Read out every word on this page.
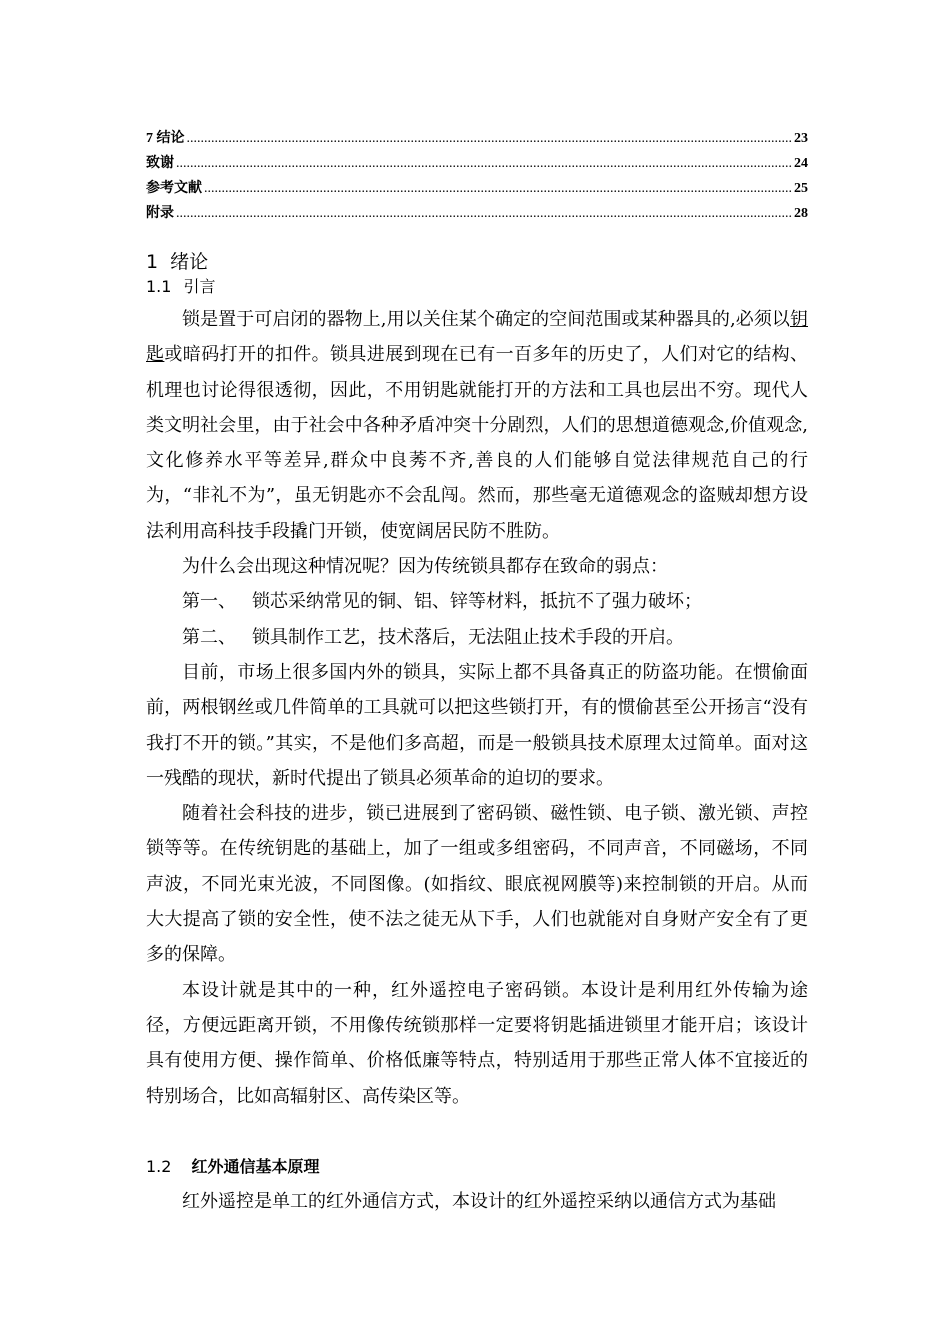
7 结论 .....	23
致谢 .....	24
参考文献 .....	25
附录 .....	28
1 绪论
1.1 引言

锁是置于可启闭的器物上,用以关住某个确定的空间范围或某种器具的,必须以钥匙或暗码打开的扣件。锁具进展到现在已有一百多年的历史了，人们对它的结构、机理也讨论得很透彻，因此，不用钥匙就能打开的方法和工具也层出不穷。现代人类文明社会里，由于社会中各种矛盾冲突十分剧烈，人们的思想道德观念,价值观念,文化修养水平等差异,群众中良莠不齐,善良的人们能够自觉法律规范自己的行为，“非礼不为”，虽无钥匙亦不会乱闯。然而，那些毫无道德观念的盗贼却想方设法利用高科技手段撬门开锁，使宽阔居民防不胜防。

为什么会出现这种情况呢？因为传统锁具都存在致命的弱点：

第一、 锁芯采纳常见的铜、铝、锌等材料，抵抗不了强力破坏；

第二、 锁具制作工艺，技术落后，无法阻止技术手段的开启。

目前，市场上很多国内外的锁具，实际上都不具备真正的防盗功能。在惯偷面前，两根钢丝或几件简单的工具就可以把这些锁打开，有的惯偷甚至公开扬言“没有我打不开的锁。”其实，不是他们多高超，而是一般锁具技术原理太过简单。面对这一残酷的现状，新时代提出了锁具必须革命的迫切的要求。

随着社会科技的进步，锁已进展到了密码锁、磁性锁、电子锁、激光锁、声控锁等等。在传统钥匙的基础上，加了一组或多组密码，不同声音，不同磁场，不同声波，不同光束光波，不同图像。(如指纹、眼底视网膜等)来控制锁的开启。从而大大提高了锁的安全性，使不法之徒无从下手，人们也就能对自身财产安全有了更多的保障。

本设计就是其中的一种，红外遥控电子密码锁。本设计是利用红外传输为途径，方便远距离开锁，不用像传统锁那样一定要将钥匙插进锁里才能开启；该设计具有使用方便、操作简单、价格低廉等特点，特别适用于那些正常人体不宜接近的特别场合，比如高辐射区、高传染区等。

1.2 红外通信基本原理

红外遥控是单工的红外通信方式，本设计的红外遥控采纳以通信方式为基础
